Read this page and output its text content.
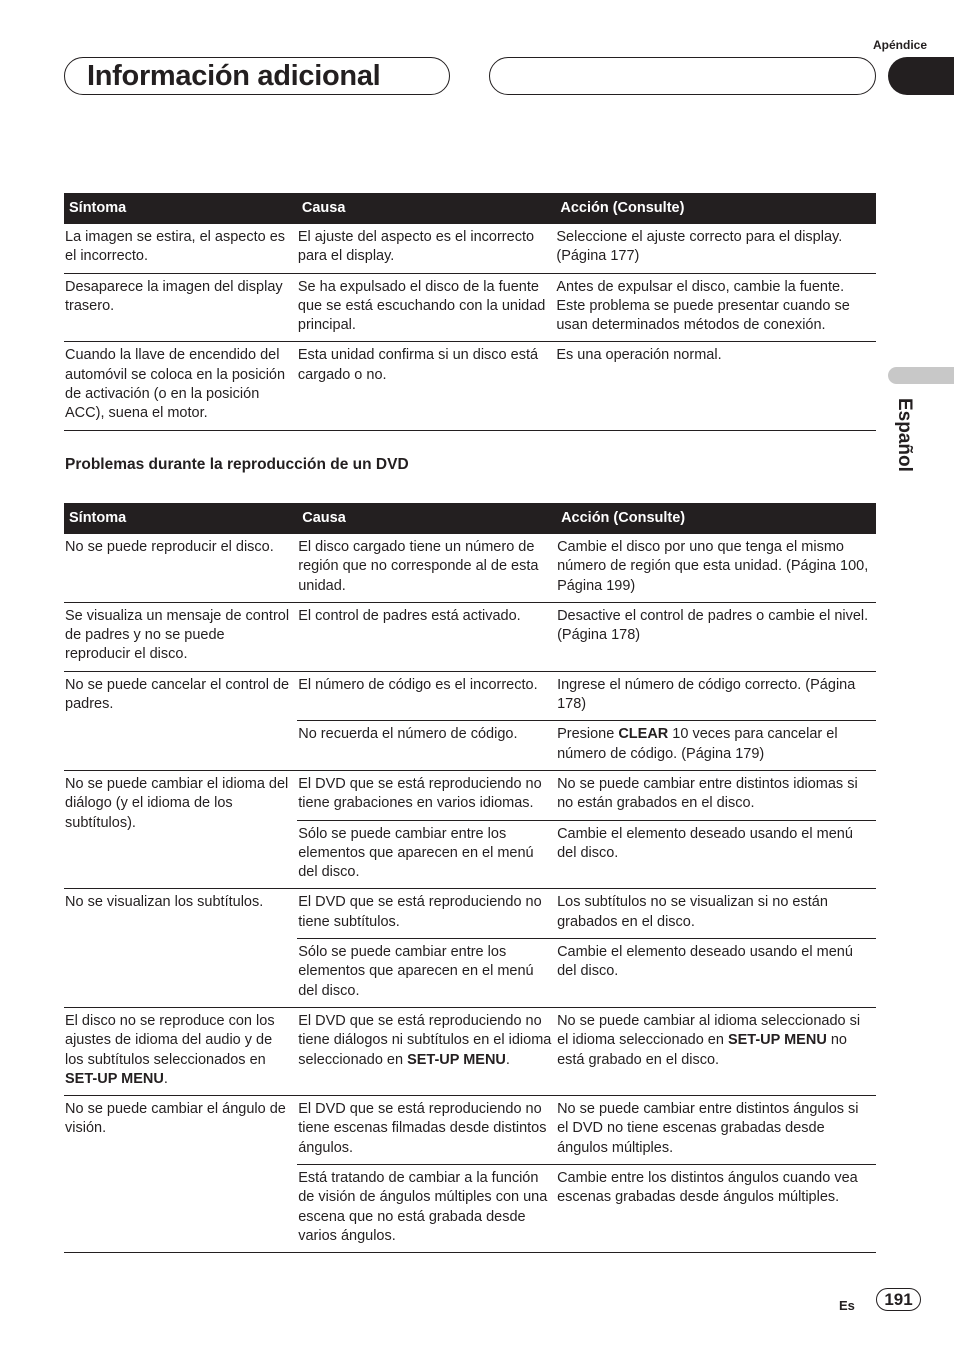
Apéndice
Información adicional
Español
Síntoma	Causa	Acción (Consulte)
La imagen se estira, el aspecto es el incorrecto.	El ajuste del aspecto es el incorrecto para el display.	Seleccione el ajuste correcto para el display. (Página 177)
Desaparece la imagen del display trasero.	Se ha expulsado el disco de la fuente que se está escuchando con la unidad principal.	Antes de expulsar el disco, cambie la fuente. Este problema se puede presentar cuando se usan determinados métodos de conexión.
Cuando la llave de encendido del automóvil se coloca en la posición de activación (o en la posición ACC), suena el motor.	Esta unidad confirma si un disco está cargado o no.	Es una operación normal.
Problemas durante la reproducción de un DVD
Síntoma	Causa	Acción (Consulte)
No se puede reproducir el disco.	El disco cargado tiene un número de región que no corresponde al de esta unidad.	Cambie el disco por uno que tenga el mismo número de región que esta unidad. (Página 100, Página 199)
Se visualiza un mensaje de control de padres y no se puede reproducir el disco.	El control de padres está activado.	Desactive el control de padres o cambie el nivel. (Página 178)
No se puede cancelar el control de padres.	El número de código es el incorrecto.	Ingrese el número de código correcto. (Página 178)
	No recuerda el número de código.	Presione CLEAR 10 veces para cancelar el número de código. (Página 179)
No se puede cambiar el idioma del diálogo (y el idioma de los subtítulos).	El DVD que se está reproduciendo no tiene grabaciones en varios idiomas.	No se puede cambiar entre distintos idiomas si no están grabados en el disco.
	Sólo se puede cambiar entre los elementos que aparecen en el menú del disco.	Cambie el elemento deseado usando el menú del disco.
No se visualizan los subtítulos.	El DVD que se está reproduciendo no tiene subtítulos.	Los subtítulos no se visualizan si no están grabados en el disco.
	Sólo se puede cambiar entre los elementos que aparecen en el menú del disco.	Cambie el elemento deseado usando el menú del disco.
El disco no se reproduce con los ajustes de idioma del audio y de los subtítulos seleccionados en SET-UP MENU.	El DVD que se está reproduciendo no tiene diálogos ni subtítulos en el idioma seleccionado en SET-UP MENU.	No se puede cambiar al idioma seleccionado si el idioma seleccionado en SET-UP MENU no está grabado en el disco.
No se puede cambiar el ángulo de visión.	El DVD que se está reproduciendo no tiene escenas filmadas desde distintos ángulos.	No se puede cambiar entre distintos ángulos si el DVD no tiene escenas grabadas desde ángulos múltiples.
	Está tratando de cambiar a la función de visión de ángulos múltiples con una escena que no está grabada desde varios ángulos.	Cambie entre los distintos ángulos cuando vea escenas grabadas desde ángulos múltiples.
Es	191
